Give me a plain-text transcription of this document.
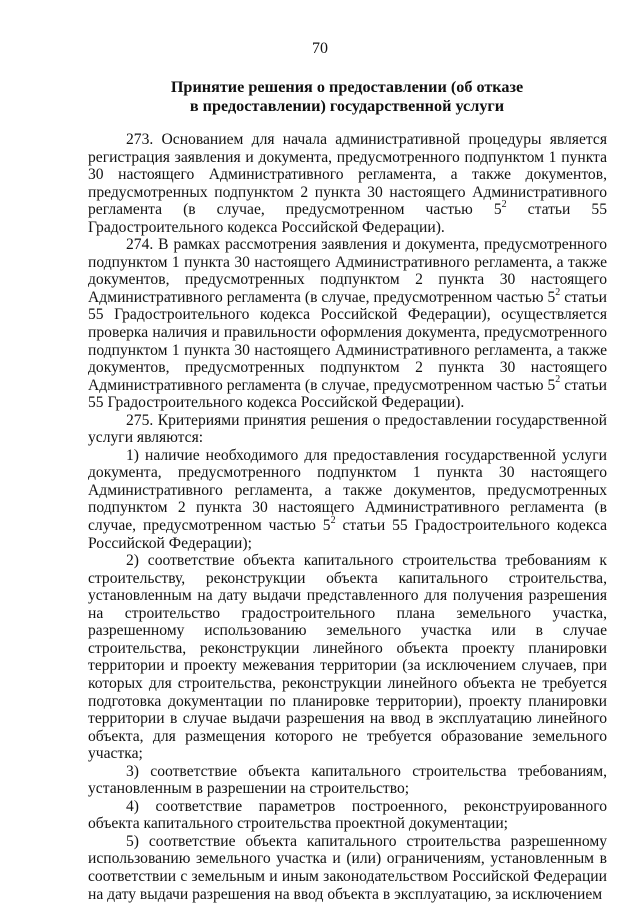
70
Принятие решения о предоставлении (об отказе
в предоставлении) государственной услуги

273. Основанием для начала административной процедуры является регистрация заявления и документа, предусмотренного подпунктом 1 пункта 30 настоящего Административного регламента, а также документов, предусмотренных подпунктом 2 пункта 30 настоящего Административного регламента (в случае, предусмотренном частью $5^2$ статьи 55 Градостроительного кодекса Российской Федерации).

274. В рамках рассмотрения заявления и документа, предусмотренного подпунктом 1 пункта 30 настоящего Административного регламента, а также документов, предусмотренных подпунктом 2 пункта 30 настоящего Административного регламента (в случае, предусмотренном частью $5^2$ статьи 55 Градостроительного кодекса Российской Федерации), осуществляется проверка наличия и правильности оформления документа, предусмотренного подпунктом 1 пункта 30 настоящего Административного регламента, а также документов, предусмотренных подпунктом 2 пункта 30 настоящего Административного регламента (в случае, предусмотренном частью $5^2$ статьи 55 Градостроительного кодекса Российской Федерации).

275. Критериями принятия решения о предоставлении государственной услуги являются:

1) наличие необходимого для предоставления государственной услуги документа, предусмотренного подпунктом 1 пункта 30 настоящего Административного регламента, а также документов, предусмотренных подпунктом 2 пункта 30 настоящего Административного регламента (в случае, предусмотренном частью $5^2$ статьи 55 Градостроительного кодекса Российской Федерации);

2) соответствие объекта капитального строительства требованиям к строительству, реконструкции объекта капитального строительства, установленным на дату выдачи представленного для получения разрешения на строительство градостроительного плана земельного участка, разрешенному использованию земельного участка или в случае строительства, реконструкции линейного объекта проекту планировки территории и проекту межевания территории (за исключением случаев, при которых для строительства, реконструкции линейного объекта не требуется подготовка документации по планировке территории), проекту планировки территории в случае выдачи разрешения на ввод в эксплуатацию линейного объекта, для размещения которого не требуется образование земельного участка;

3) соответствие объекта капитального строительства требованиям, установленным в разрешении на строительство;

4) соответствие параметров построенного, реконструированного объекта капитального строительства проектной документации;

5) соответствие объекта капитального строительства разрешенному использованию земельного участка и (или) ограничениям, установленным в соответствии с земельным и иным законодательством Российской Федерации на дату выдачи разрешения на ввод объекта в эксплуатацию, за исключением
